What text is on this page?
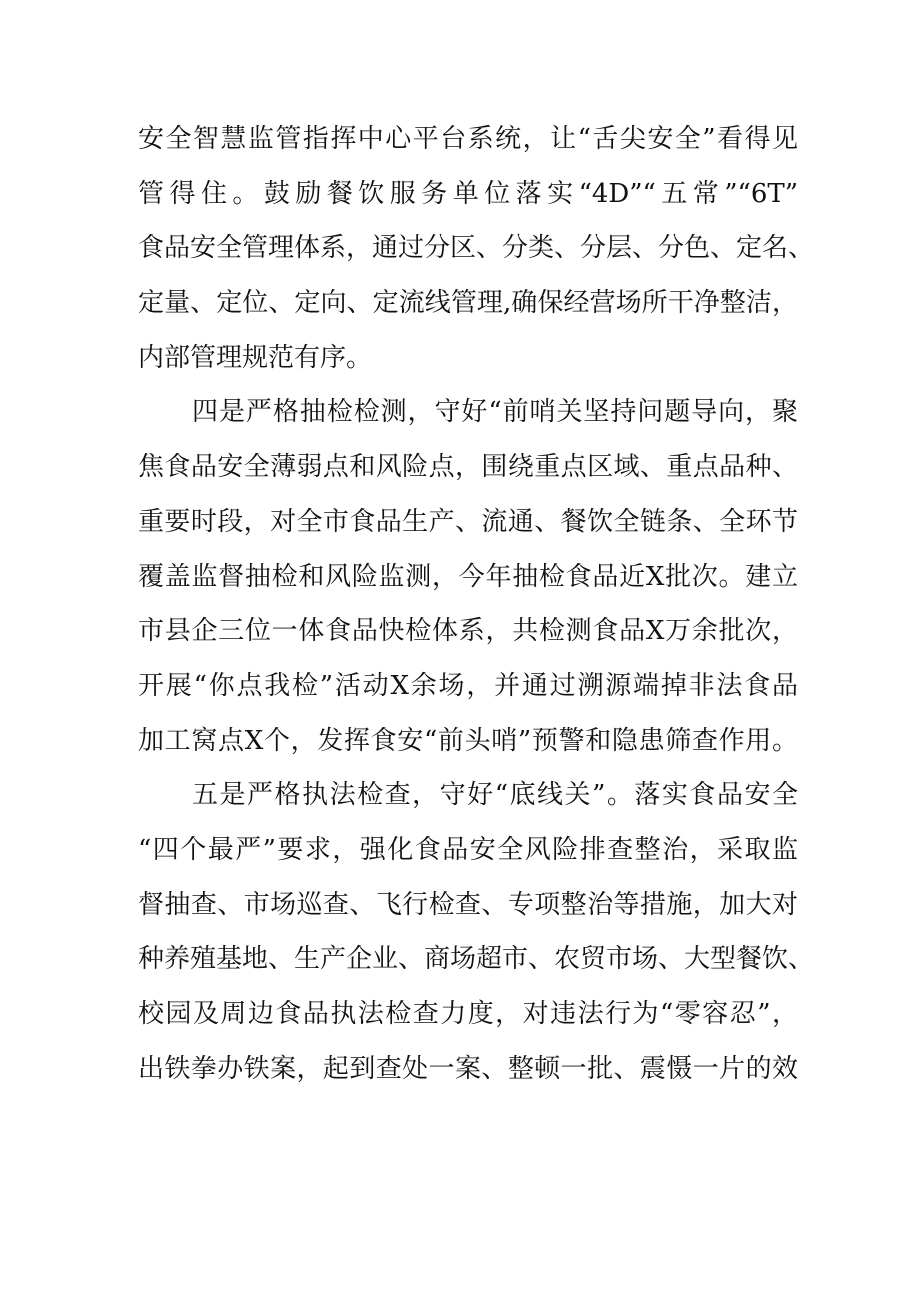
安全智慧监管指挥中心平台系统，让“舌尖安全”看得见
管得住。鼓励餐饮服务单位落实“4D”“五常”“6T”
食品安全管理体系，通过分区、分类、分层、分色、定名、
定量、定位、定向、定流线管理,确保经营场所干净整洁，
内部管理规范有序。
四是严格抽检检测，守好“前哨关坚持问题导向，聚
焦食品安全薄弱点和风险点，围绕重点区域、重点品种、
重要时段，对全市食品生产、流通、餐饮全链条、全环节
覆盖监督抽检和风险监测，今年抽检食品近X批次。建立
市县企三位一体食品快检体系，共检测食品X万余批次，
开展“你点我检”活动X余场，并通过溯源端掉非法食品
加工窝点X个，发挥食安“前头哨”预警和隐患筛查作用。
五是严格执法检查，守好“底线关”。落实食品安全
“四个最严”要求，强化食品安全风险排查整治，采取监
督抽查、市场巡查、飞行检查、专项整治等措施，加大对
种养殖基地、生产企业、商场超市、农贸市场、大型餐饮、
校园及周边食品执法检查力度，对违法行为“零容忍”，
出铁拳办铁案，起到查处一案、整顿一批、震慑一片的效
